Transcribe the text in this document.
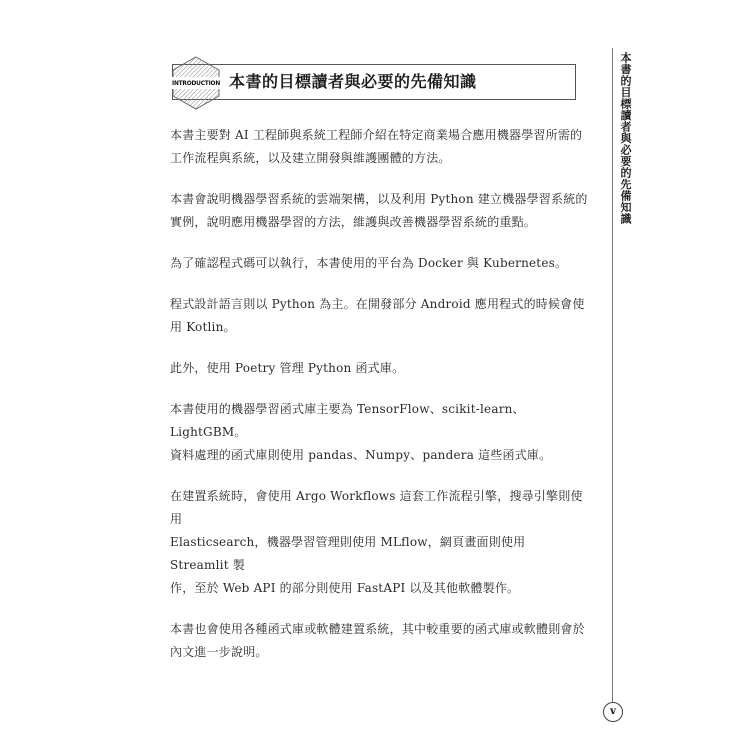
INTRODUCTION 本書的目標讀者與必要的先備知識

本書主要對 AI 工程師與系統工程師介紹在特定商業場合應用機器學習所需的
工作流程與系統，以及建立開發與維護團體的方法。

本書會說明機器學習系統的雲端架構，以及利用 Python 建立機器學習系統的
實例，說明應用機器學習的方法，維護與改善機器學習系統的重點。

為了確認程式碼可以執行，本書使用的平台為 Docker 與 Kubernetes。

程式設計語言則以 Python 為主。在開發部分 Android 應用程式的時候會使
用 Kotlin。

此外，使用 Poetry 管理 Python 函式庫。

本書使用的機器學習函式庫主要為 TensorFlow、scikit-learn、LightGBM。
資料處理的函式庫則使用 pandas、Numpy、pandera 這些函式庫。

在建置系統時，會使用 Argo Workflows 這套工作流程引擎，搜尋引擎則使用
Elasticsearch，機器學習管理則使用 MLflow，網頁畫面則使用 Streamlit 製
作，至於 Web API 的部分則使用 FastAPI 以及其他軟體製作。

本書也會使用各種函式庫或軟體建置系統，其中較重要的函式庫或軟體則會於
內文進一步說明。

本書的目標讀者與必要的先備知識
v
